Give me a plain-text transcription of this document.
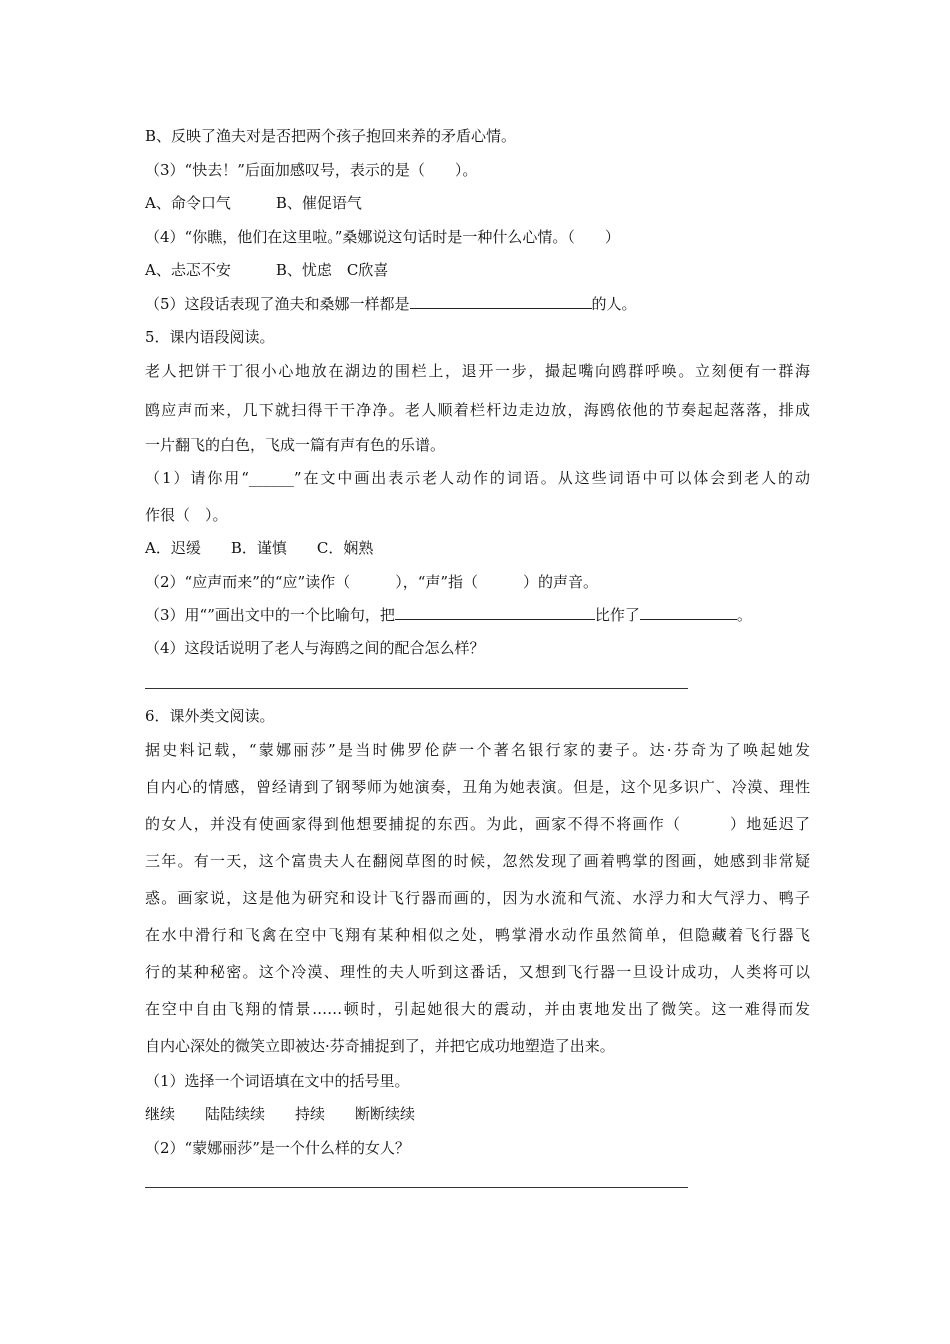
B、反映了渔夫对是否把两个孩子抱回来养的矛盾心情。
（3）“快去！”后面加感叹号，表示的是（　　）。
A、命令口气　　　B、催促语气
（4）“你瞧，他们在这里啦。”桑娜说这句话时是一种什么心情。（　　）
A、忐忑不安　　　B、忧虑　C欣喜
（5）这段话表现了渔夫和桑娜一样都是	的人。
5．课内语段阅读。
老人把饼干丁很小心地放在湖边的围栏上，退开一步，撮起嘴向鸥群呼唤。立刻便有一群海
鸥应声而来，几下就扫得干干净净。老人顺着栏杆边走边放，海鸥依他的节奏起起落落，排成
一片翻飞的白色，飞成一篇有声有色的乐谱。
（1）请你用“______”在文中画出表示老人动作的词语。从这些词语中可以体会到老人的动
作很（　）。
A．迟缓　　B．谨慎　　C．娴熟
（2）“应声而来”的“应”读作（　　　），“声”指（　　　）的声音。
（3）用“”画出文中的一个比喻句，把	比作了	。
（4）这段话说明了老人与海鸥之间的配合怎么样？
6．课外类文阅读。
据史料记载，“蒙娜丽莎”是当时佛罗伦萨一个著名银行家的妻子。达·芬奇为了唤起她发
自内心的情感，曾经请到了钢琴师为她演奏，丑角为她表演。但是，这个见多识广、冷漠、理性
的女人，并没有使画家得到他想要捕捉的东西。为此，画家不得不将画作（　　　）地延迟了
三年。有一天，这个富贵夫人在翻阅草图的时候，忽然发现了画着鸭掌的图画，她感到非常疑
惑。画家说，这是他为研究和设计飞行器而画的，因为水流和气流、水浮力和大气浮力、鸭子
在水中滑行和飞禽在空中飞翔有某种相似之处，鸭掌滑水动作虽然简单，但隐藏着飞行器飞
行的某种秘密。这个冷漠、理性的夫人听到这番话，又想到飞行器一旦设计成功，人类将可以
在空中自由飞翔的情景……顿时，引起她很大的震动，并由衷地发出了微笑。这一难得而发
自内心深处的微笑立即被达·芬奇捕捉到了，并把它成功地塑造了出来。
（1）选择一个词语填在文中的括号里。
继续　　陆陆续续　　持续　　断断续续
（2）“蒙娜丽莎”是一个什么样的女人？
